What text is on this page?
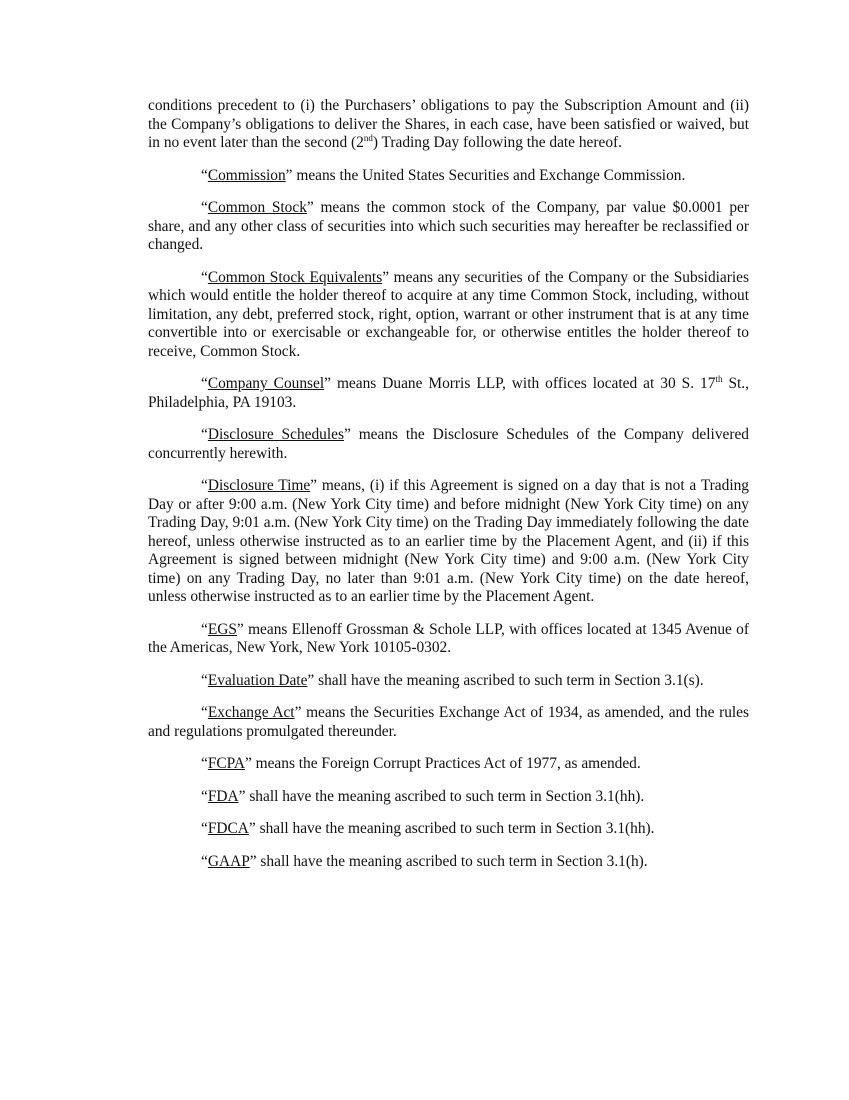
conditions precedent to (i) the Purchasers’ obligations to pay the Subscription Amount and (ii) the Company’s obligations to deliver the Shares, in each case, have been satisfied or waived, but in no event later than the second (2nd) Trading Day following the date hereof.

“Commission” means the United States Securities and Exchange Commission.

“Common Stock” means the common stock of the Company, par value $0.0001 per share, and any other class of securities into which such securities may hereafter be reclassified or changed.

“Common Stock Equivalents” means any securities of the Company or the Subsidiaries which would entitle the holder thereof to acquire at any time Common Stock, including, without limitation, any debt, preferred stock, right, option, warrant or other instrument that is at any time convertible into or exercisable or exchangeable for, or otherwise entitles the holder thereof to receive, Common Stock.

“Company Counsel” means Duane Morris LLP, with offices located at 30 S. 17th St., Philadelphia, PA 19103.

“Disclosure Schedules” means the Disclosure Schedules of the Company delivered concurrently herewith.

“Disclosure Time” means, (i) if this Agreement is signed on a day that is not a Trading Day or after 9:00 a.m. (New York City time) and before midnight (New York City time) on any Trading Day, 9:01 a.m. (New York City time) on the Trading Day immediately following the date hereof, unless otherwise instructed as to an earlier time by the Placement Agent, and (ii) if this Agreement is signed between midnight (New York City time) and 9:00 a.m. (New York City time) on any Trading Day, no later than 9:01 a.m. (New York City time) on the date hereof, unless otherwise instructed as to an earlier time by the Placement Agent.

“EGS” means Ellenoff Grossman & Schole LLP, with offices located at 1345 Avenue of the Americas, New York, New York 10105-0302.

“Evaluation Date” shall have the meaning ascribed to such term in Section 3.1(s).

“Exchange Act” means the Securities Exchange Act of 1934, as amended, and the rules and regulations promulgated thereunder.

“FCPA” means the Foreign Corrupt Practices Act of 1977, as amended.

“FDA” shall have the meaning ascribed to such term in Section 3.1(hh).

“FDCA” shall have the meaning ascribed to such term in Section 3.1(hh).

“GAAP” shall have the meaning ascribed to such term in Section 3.1(h).
